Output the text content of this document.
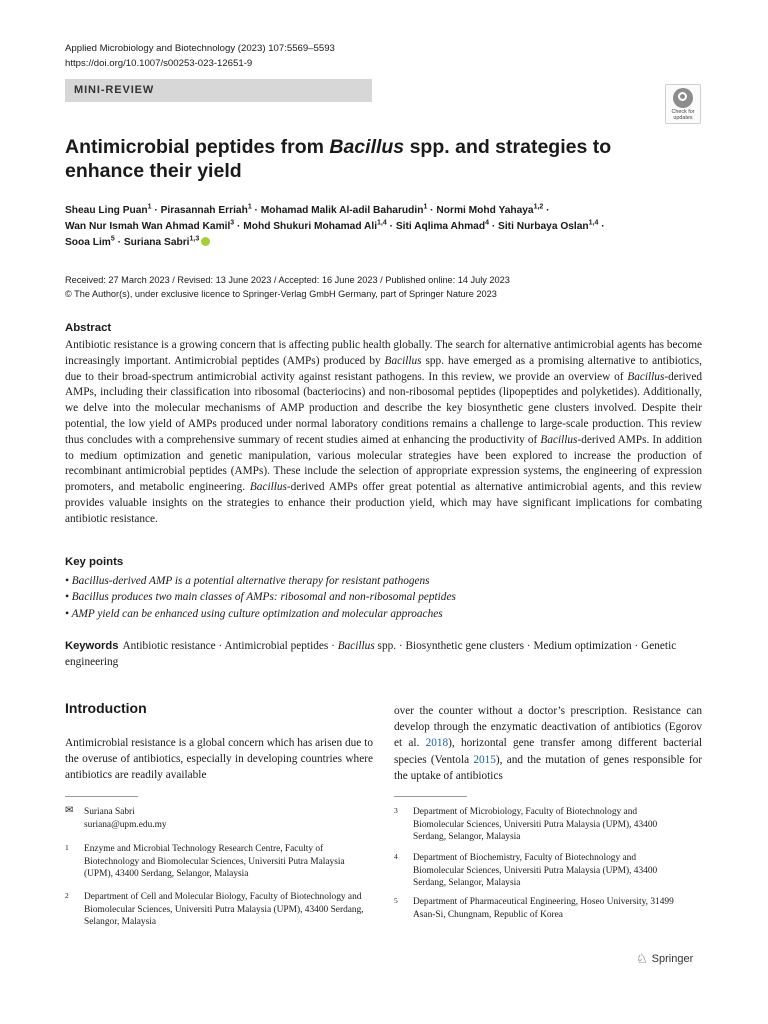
Applied Microbiology and Biotechnology (2023) 107:5569–5593
https://doi.org/10.1007/s00253-023-12651-9
MINI-REVIEW
Check for
updates
Antimicrobial peptides from Bacillus spp. and strategies to enhance their yield
Sheau Ling Puan$^1$ · Pirasannah Erriah$^1$ · Mohamad Malik Al-adil Baharudin$^1$ · Normi Mohd Yahaya$^{1,2}$ ·
Wan Nur Ismah Wan Ahmad Kamil$^3$ · Mohd Shukuri Mohamad Ali$^{1,4}$ · Siti Aqlima Ahmad$^4$ · Siti Nurbaya Oslan$^{1,4}$ ·
Sooa Lim$^5$ · Suriana Sabri$^{1,3}$
Received: 27 March 2023 / Revised: 13 June 2023 / Accepted: 16 June 2023 / Published online: 14 July 2023
© The Author(s), under exclusive licence to Springer-Verlag GmbH Germany, part of Springer Nature 2023
Abstract
Antibiotic resistance is a growing concern that is affecting public health globally. The search for alternative antimicrobial agents has become increasingly important. Antimicrobial peptides (AMPs) produced by Bacillus spp. have emerged as a promising alternative to antibiotics, due to their broad-spectrum antimicrobial activity against resistant pathogens. In this review, we provide an overview of Bacillus-derived AMPs, including their classification into ribosomal (bacteriocins) and non-ribosomal peptides (lipopeptides and polyketides). Additionally, we delve into the molecular mechanisms of AMP production and describe the key biosynthetic gene clusters involved. Despite their potential, the low yield of AMPs produced under normal laboratory conditions remains a challenge to large-scale production. This review thus concludes with a comprehensive summary of recent studies aimed at enhancing the productivity of Bacillus-derived AMPs. In addition to medium optimization and genetic manipulation, various molecular strategies have been explored to increase the production of recombinant antimicrobial peptides (AMPs). These include the selection of appropriate expression systems, the engineering of expression promoters, and metabolic engineering. Bacillus-derived AMPs offer great potential as alternative antimicrobial agents, and this review provides valuable insights on the strategies to enhance their production yield, which may have significant implications for combating antibiotic resistance.
Key points
• Bacillus-derived AMP is a potential alternative therapy for resistant pathogens
• Bacillus produces two main classes of AMPs: ribosomal and non-ribosomal peptides
• AMP yield can be enhanced using culture optimization and molecular approaches
Keywords Antibiotic resistance · Antimicrobial peptides · Bacillus spp. · Biosynthetic gene clusters · Medium optimization · Genetic engineering
Introduction
Antimicrobial resistance is a global concern which has arisen due to the overuse of antibiotics, especially in developing countries where antibiotics are readily available
over the counter without a doctor’s prescription. Resistance can develop through the enzymatic deactivation of antibiotics (Egorov et al. 2018), horizontal gene transfer among different bacterial species (Ventola 2015), and the mutation of genes responsible for the uptake of antibiotics
✉ Suriana Sabri
suriana@upm.edu.my
1 Enzyme and Microbial Technology Research Centre, Faculty of Biotechnology and Biomolecular Sciences, Universiti Putra Malaysia (UPM), 43400 Serdang, Selangor, Malaysia
2 Department of Cell and Molecular Biology, Faculty of Biotechnology and Biomolecular Sciences, Universiti Putra Malaysia (UPM), 43400 Serdang, Selangor, Malaysia
3 Department of Microbiology, Faculty of Biotechnology and Biomolecular Sciences, Universiti Putra Malaysia (UPM), 43400 Serdang, Selangor, Malaysia
4 Department of Biochemistry, Faculty of Biotechnology and Biomolecular Sciences, Universiti Putra Malaysia (UPM), 43400 Serdang, Selangor, Malaysia
5 Department of Pharmaceutical Engineering, Hoseo University, 31499 Asan-Si, Chungnam, Republic of Korea
♘ Springer
